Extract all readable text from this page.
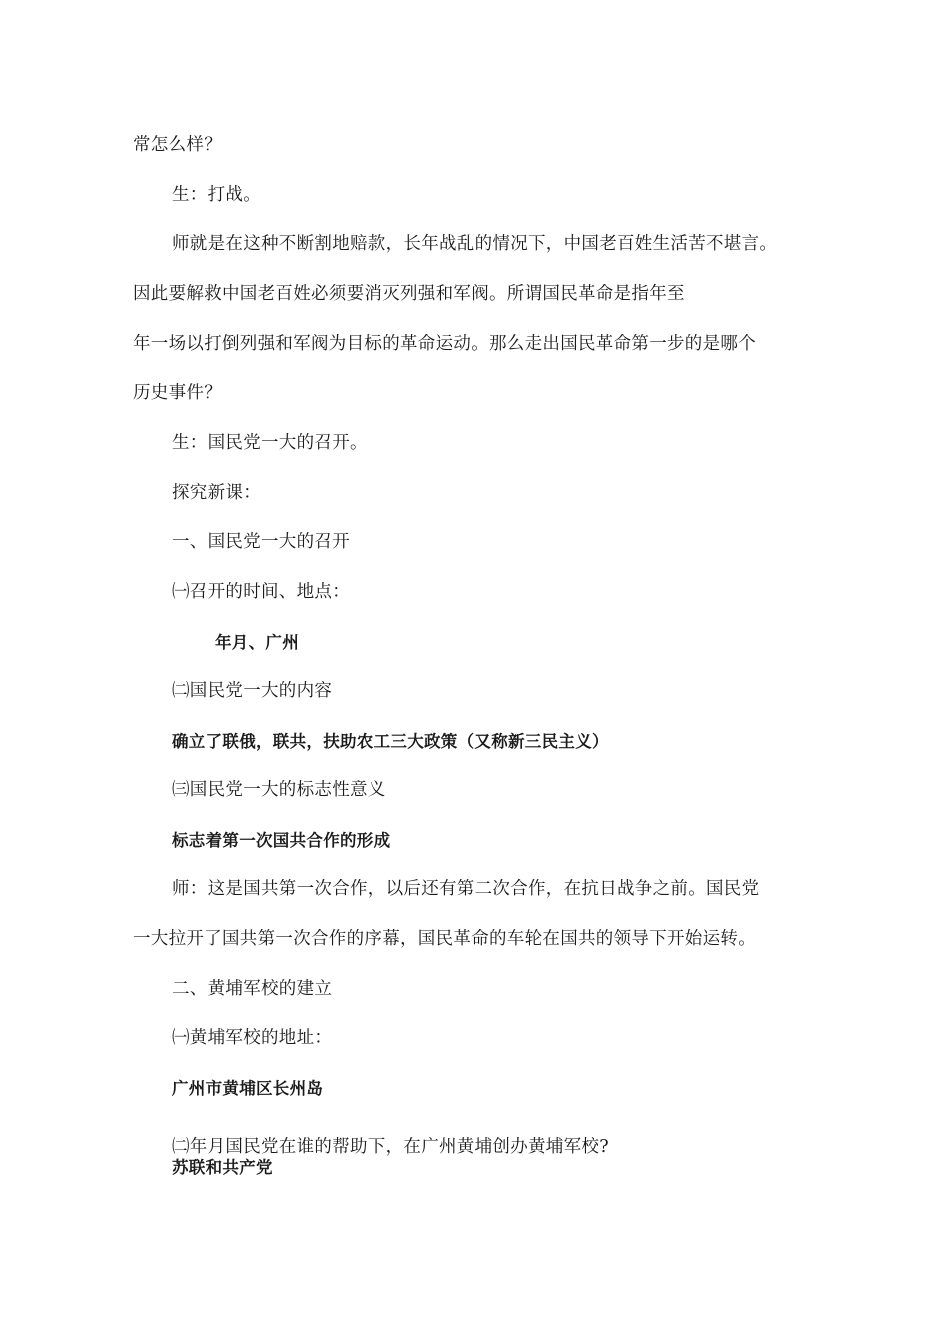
常怎么样？
生：打战。
师就是在这种不断割地赔款，长年战乱的情况下，中国老百姓生活苦不堪言。
因此要解救中国老百姓必须要消灭列强和军阀。所谓国民革命是指年至
年一场以打倒列强和军阀为目标的革命运动。那么走出国民革命第一步的是哪个
历史事件？
生：国民党一大的召开。
探究新课：
一、国民党一大的召开
㈠召开的时间、地点：
年月、广州
㈡国民党一大的内容
确立了联俄，联共，扶助农工三大政策（又称新三民主义）
㈢国民党一大的标志性意义
标志着第一次国共合作的形成
师：这是国共第一次合作，以后还有第二次合作，在抗日战争之前。国民党
一大拉开了国共第一次合作的序幕，国民革命的车轮在国共的领导下开始运转。
二、黄埔军校的建立
㈠黄埔军校的地址：
广州市黄埔区长州岛
㈡年月国民党在谁的帮助下，在广州黄埔创办黄埔军校?
苏联和共产党
